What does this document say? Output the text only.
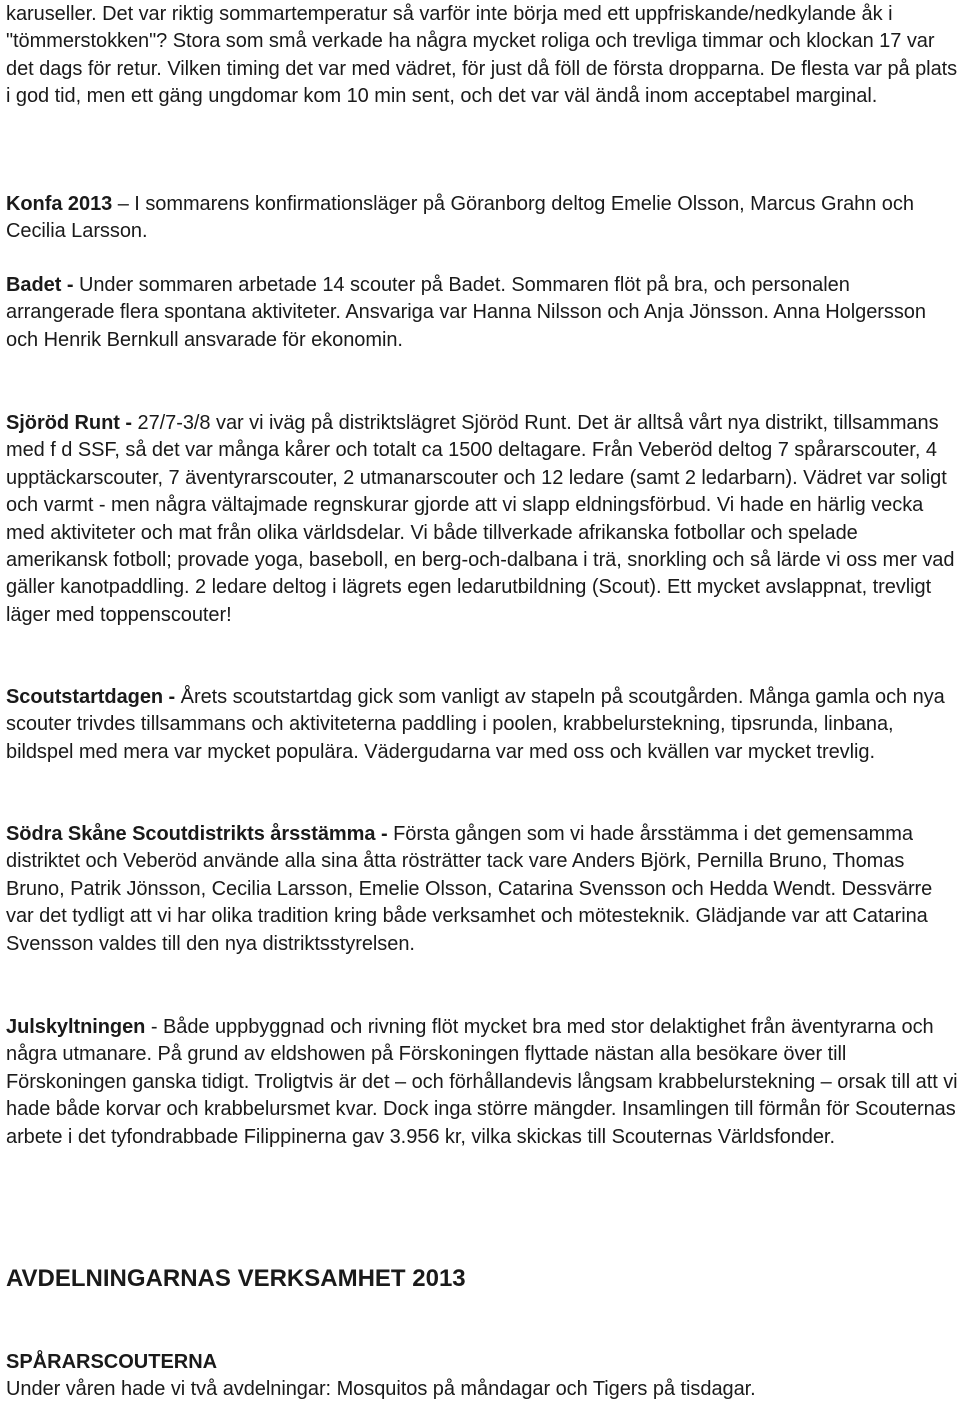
karuseller. Det var riktig sommartemperatur så varför inte börja med ett uppfriskande/nedkylande åk i "tömmerstokken"? Stora som små verkade ha några mycket roliga och trevliga timmar och klockan 17 var det dags för retur. Vilken timing det var med vädret, för just då föll de första dropparna. De flesta var på plats i god tid, men ett gäng ungdomar kom 10 min sent, och det var väl ändå inom acceptabel marginal.

Konfa 2013 – I sommarens konfirmationsläger på Göranborg deltog Emelie Olsson, Marcus Grahn och Cecilia Larsson.

Badet - Under sommaren arbetade 14 scouter på Badet. Sommaren flöt på bra, och personalen arrangerade flera spontana aktiviteter. Ansvariga var Hanna Nilsson och Anja Jönsson. Anna Holgersson och Henrik Bernkull ansvarade för ekonomin.

Sjöröd Runt - 27/7-3/8 var vi iväg på distriktslägret Sjöröd Runt. Det är alltså vårt nya distrikt, tillsammans med f d SSF, så det var många kårer och totalt ca 1500 deltagare. Från Veberöd deltog 7 spårarscouter, 4 upptäckarscouter, 7 äventyrarscouter, 2 utmanarscouter och 12 ledare (samt 2 ledarbarn). Vädret var soligt och varmt - men några vältajmade regnskurar gjorde att vi slapp eldningsförbud. Vi hade en härlig vecka med aktiviteter och mat från olika världsdelar. Vi både tillverkade afrikanska fotbollar och spelade amerikansk fotboll; provade yoga, baseboll, en berg-och-dalbana i trä, snorkling och så lärde vi oss mer vad gäller kanotpaddling. 2 ledare deltog i lägrets egen ledarutbildning (Scout). Ett mycket avslappnat, trevligt läger med toppenscouter!

Scoutstartdagen - Årets scoutstartdag gick som vanligt av stapeln på scoutgården. Många gamla och nya scouter trivdes tillsammans och aktiviteterna paddling i poolen, krabbelurstekning, tipsrunda, linbana, bildspel med mera var mycket populära. Vädergudarna var med oss och kvällen var mycket trevlig.

Södra Skåne Scoutdistrikts årsstämma - Första gången som vi hade årsstämma i det gemensamma distriktet och Veberöd använde alla sina åtta rösträtter tack vare Anders Björk, Pernilla Bruno, Thomas Bruno, Patrik Jönsson, Cecilia Larsson, Emelie Olsson, Catarina Svensson och Hedda Wendt. Dessvärre var det tydligt att vi har olika tradition kring både verksamhet och mötesteknik. Glädjande var att Catarina Svensson valdes till den nya distriktsstyrelsen.

Julskyltningen - Både uppbyggnad och rivning flöt mycket bra med stor delaktighet från äventyrarna och några utmanare. På grund av eldshowen på Förskoningen flyttade nästan alla besökare över till Förskoningen ganska tidigt. Troligtvis är det – och förhållandevis långsam krabbelurstekning – orsak till att vi hade både korvar och krabbelursmet kvar. Dock inga större mängder. Insamlingen till förmån för Scouternas arbete i det tyfondrabbade Filippinerna gav 3.956 kr, vilka skickas till Scouternas Världsfonder.

AVDELNINGARNAS VERKSAMHET 2013
SPÅRARSCOUTERNA

Under våren hade vi två avdelningar: Mosquitos på måndagar och Tigers på tisdagar.
